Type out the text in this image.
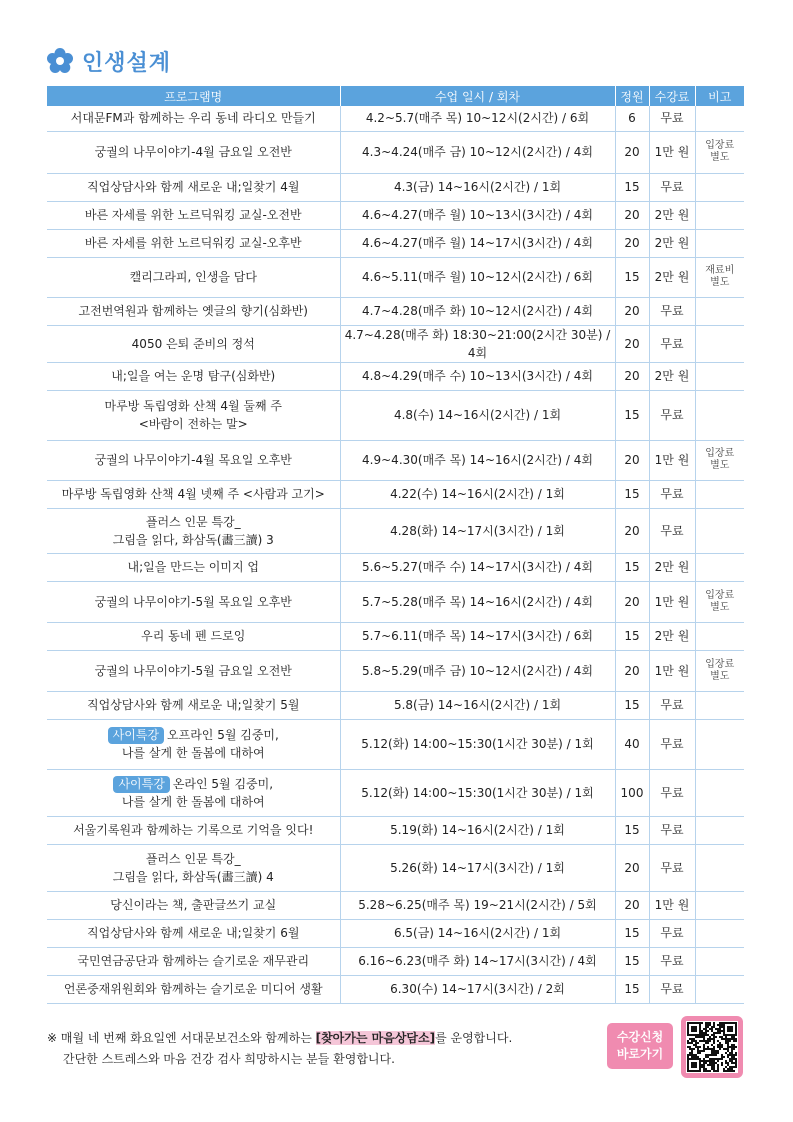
인생설계
프로그램명	수업 일시 / 회차	정원	수강료	비고

서대문FM과 함께하는 우리 동네 라디오 만들기	4.2~5.7(매주 목) 10~12시(2시간) / 6회	6	무료	

궁궐의 나무이야기-4월 금요일 오전반	4.3~4.24(매주 금) 10~12시(2시간) / 4회	20	1만 원	입장료
별도

직업상담사와 함께 새로운 내;일찾기 4월	4.3(금) 14~16시(2시간) / 1회	15	무료	

바른 자세를 위한 노르딕워킹 교실-오전반	4.6~4.27(매주 월) 10~13시(3시간) / 4회	20	2만 원	

바른 자세를 위한 노르딕워킹 교실-오후반	4.6~4.27(매주 월) 14~17시(3시간) / 4회	20	2만 원	

캘리그라피, 인생을 담다	4.6~5.11(매주 월) 10~12시(2시간) / 6회	15	2만 원	재료비
별도

고전번역원과 함께하는 옛글의 향기(심화반)	4.7~4.28(매주 화) 10~12시(2시간) / 4회	20	무료	

4050 은퇴 준비의 정석	4.7~4.28(매주 화) 18:30~21:00(2시간 30분) / 4회	20	무료	

내;일을 여는 운명 탐구(심화반)	4.8~4.29(매주 수) 10~13시(3시간) / 4회	20	2만 원	

마루방 독립영화 산책 4월 둘째 주
<바람이 전하는 말>	4.8(수) 14~16시(2시간) / 1회	15	무료	

궁궐의 나무이야기-4월 목요일 오후반	4.9~4.30(매주 목) 14~16시(2시간) / 4회	20	1만 원	입장료
별도

마루방 독립영화 산책 4월 넷째 주 <사람과 고기>	4.22(수) 14~16시(2시간) / 1회	15	무료	

플러스 인문 특강_
그림을 읽다, 화삼독(畵三讀) 3	4.28(화) 14~17시(3시간) / 1회	20	무료	

내;일을 만드는 이미지 업	5.6~5.27(매주 수) 14~17시(3시간) / 4회	15	2만 원	

궁궐의 나무이야기-5월 목요일 오후반	5.7~5.28(매주 목) 14~16시(2시간) / 4회	20	1만 원	입장료
별도

우리 동네 펜 드로잉	5.7~6.11(매주 목) 14~17시(3시간) / 6회	15	2만 원	

궁궐의 나무이야기-5월 금요일 오전반	5.8~5.29(매주 금) 10~12시(2시간) / 4회	20	1만 원	입장료
별도

직업상담사와 함께 새로운 내;일찾기 5월	5.8(금) 14~16시(2시간) / 1회	15	무료	

사이특강 오프라인 5월 김중미,
나를 살게 한 돌봄에 대하여	5.12(화) 14:00~15:30(1시간 30분) / 1회	40	무료	

사이특강 온라인 5월 김중미,
나를 살게 한 돌봄에 대하여	5.12(화) 14:00~15:30(1시간 30분) / 1회	100	무료	

서울기록원과 함께하는 기록으로 기억을 잇다!	5.19(화) 14~16시(2시간) / 1회	15	무료	

플러스 인문 특강_
그림을 읽다, 화삼독(畵三讀) 4	5.26(화) 14~17시(3시간) / 1회	20	무료	

당신이라는 책, 출판글쓰기 교실	5.28~6.25(매주 목) 19~21시(2시간) / 5회	20	1만 원	

직업상담사와 함께 새로운 내;일찾기 6월	6.5(금) 14~16시(2시간) / 1회	15	무료	

국민연금공단과 함께하는 슬기로운 재무관리	6.16~6.23(매주 화) 14~17시(3시간) / 4회	15	무료	

언론중재위원회와 함께하는 슬기로운 미디어 생활	6.30(수) 14~17시(3시간) / 2회	15	무료	
※ 매월 네 번째 화요일엔 서대문보건소와 함께하는 [찾아가는 마음상담소]를 운영합니다.
간단한 스트레스와 마음 건강 검사 희망하시는 분들 환영합니다.
수강신청
바로가기
